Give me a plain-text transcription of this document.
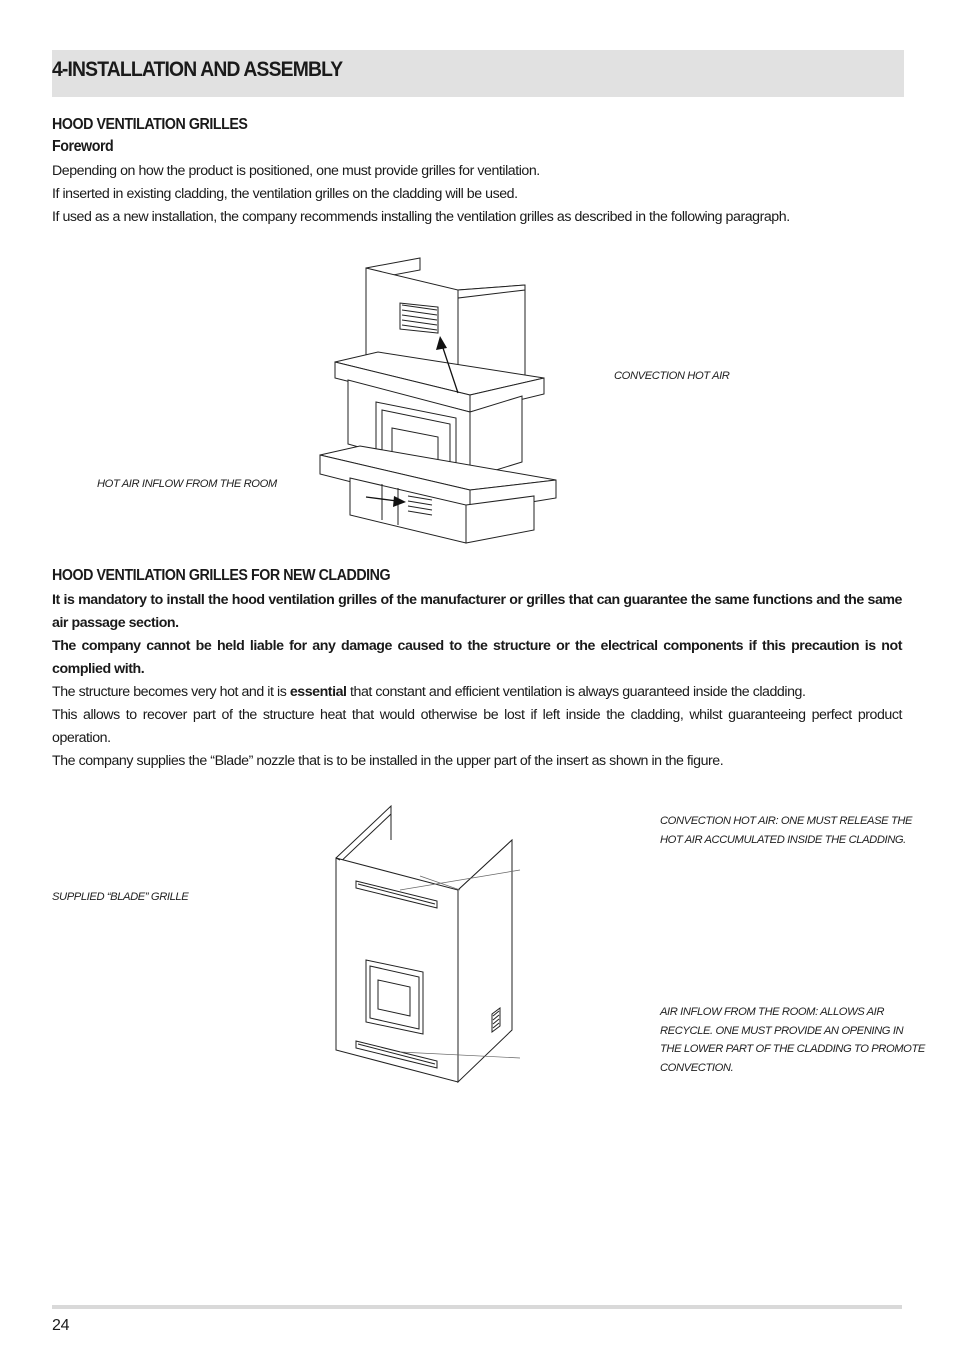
4-INSTALLATION AND ASSEMBLY
HOOD VENTILATION GRILLES
Foreword

Depending on how the product is positioned, one must provide grilles for ventilation.

If inserted in existing cladding, the ventilation grilles on the cladding will be used.

If used as a new installation, the company recommends installing the ventilation grilles as described in the following paragraph.

CONVECTION HOT AIR
HOT AIR INFLOW FROM THE ROOM
HOOD VENTILATION GRILLES FOR NEW CLADDING

It is mandatory to install the hood ventilation grilles of the manufacturer or grilles that can guarantee the same functions and the same air passage section.

The company cannot be held liable for any damage caused to the structure or the electrical components if this precaution is not complied with.

The structure becomes very hot and it is essential that constant and efficient ventilation is always guaranteed inside the cladding.

This allows to recover part of the structure heat that would otherwise be lost if left inside the cladding, whilst guaranteeing perfect product operation.

The company supplies the “Blade” nozzle that is to be installed in the upper part of the insert as shown in the figure.

SUPPLIED “BLADE” GRILLE
CONVECTION HOT AIR: ONE MUST RELEASE THE
HOT AIR ACCUMULATED INSIDE THE CLADDING.
AIR INFLOW FROM THE ROOM: ALLOWS AIR
RECYCLE. ONE MUST PROVIDE AN OPENING IN
THE LOWER PART OF THE CLADDING TO PROMOTE
CONVECTION.
24
